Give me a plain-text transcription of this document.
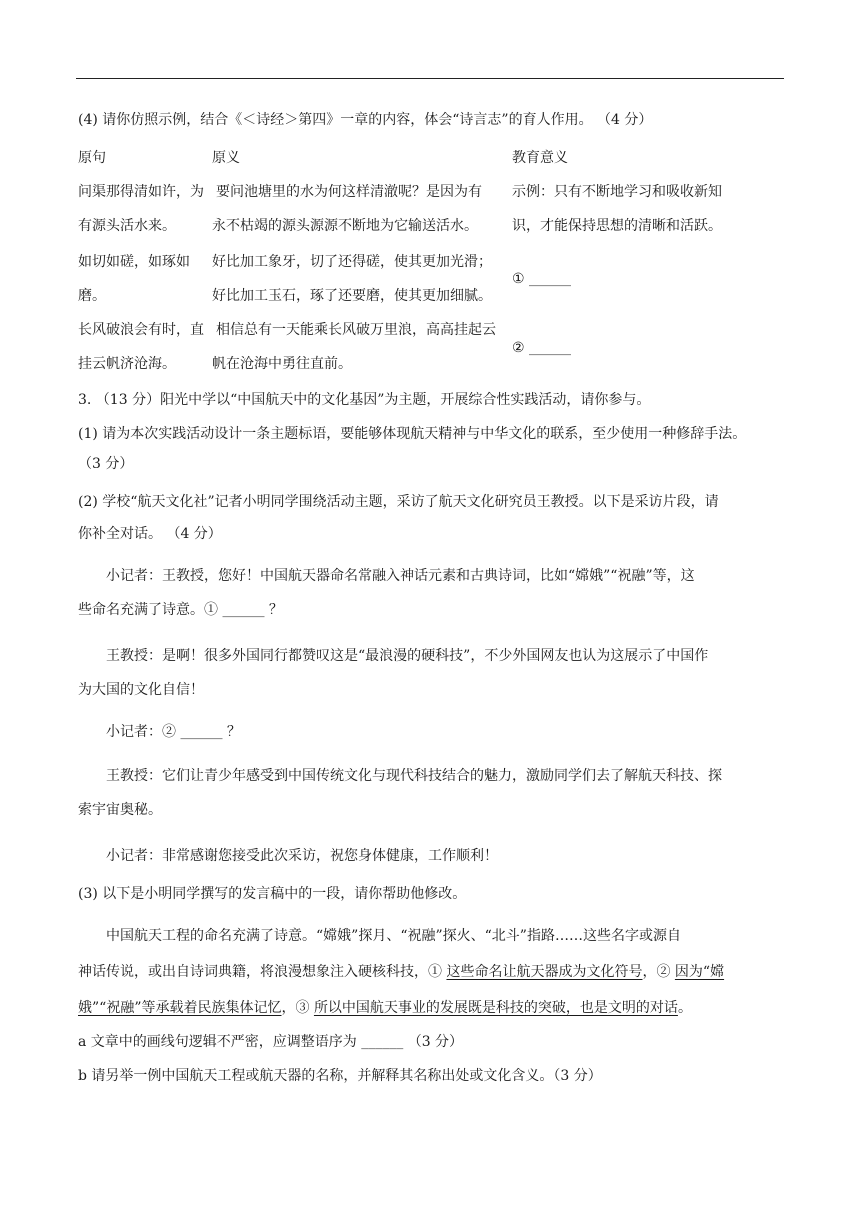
(4) 请你仿照示例，结合《＜诗经＞第四》一章的内容，体会“诗言志”的育人作用。 （4 分）
原句	原义	教育意义
问渠那得清如许，为
有源头活水来。
要问池塘里的水为何这样清澈呢？是因为有
永不枯竭的源头源源不断地为它输送活水。
示例：只有不断地学习和吸收新知
识，才能保持思想的清晰和活跃。
如切如磋，如琢如
磨。
好比加工象牙，切了还得磋，使其更加光滑；
好比加工玉石，琢了还要磨，使其更加细腻。
① ______
长风破浪会有时，直
挂云帆济沧海。
相信总有一天能乘长风破万里浪，高高挂起云
帆在沧海中勇往直前。
② ______
3. （13 分）阳光中学以“中国航天中的文化基因”为主题，开展综合性实践活动，请你参与。
(1) 请为本次实践活动设计一条主题标语，要能够体现航天精神与中华文化的联系，至少使用一种修辞手法。
（3 分）
(2) 学校“航天文化社”记者小明同学围绕活动主题，采访了航天文化研究员王教授。以下是采访片段，请
你补全对话。 （4 分）
小记者：王教授，您好！中国航天器命名常融入神话元素和古典诗词，比如“嫦娥”“祝融”等，这
些命名充满了诗意。① ______ ？
王教授：是啊！很多外国同行都赞叹这是“最浪漫的硬科技”，不少外国网友也认为这展示了中国作
为大国的文化自信！
小记者：② ______ ？
王教授：它们让青少年感受到中国传统文化与现代科技结合的魅力，激励同学们去了解航天科技、探
索宇宙奥秘。
小记者：非常感谢您接受此次采访，祝您身体健康，工作顺利！
(3) 以下是小明同学撰写的发言稿中的一段，请你帮助他修改。
中国航天工程的命名充满了诗意。“嫦娥”探月、“祝融”探火、“北斗”指路……这些名字或源自
神话传说，或出自诗词典籍，将浪漫想象注入硬核科技，① 这些命名让航天器成为文化符号，② 因为“嫦
娥”“祝融”等承载着民族集体记忆，③ 所以中国航天事业的发展既是科技的突破，也是文明的对话。
a 文章中的画线句逻辑不严密，应调整语序为 ______ （3 分）
b 请另举一例中国航天工程或航天器的名称，并解释其名称出处或文化含义。（3 分）
